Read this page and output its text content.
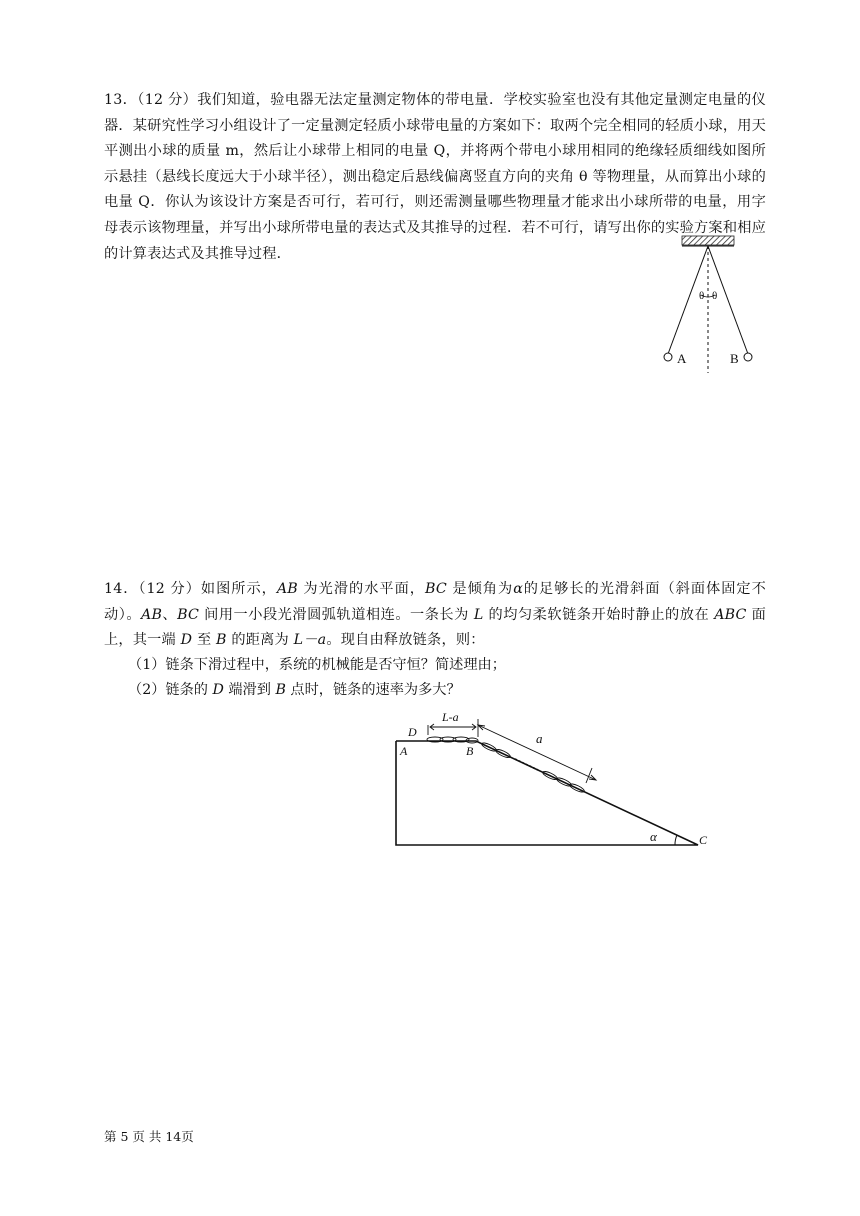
13．（12 分）我们知道，验电器无法定量测定物体的带电量．学校实验室也没有其他定量测定电量的仪器．某研究性学习小组设计了一定量测定轻质小球带电量的方案如下：取两个完全相同的轻质小球，用天平测出小球的质量 m，然后让小球带上相同的电量 Q，并将两个带电小球用相同的绝缘轻质细线如图所示悬挂（悬线长度远大于小球半径），测出稳定后悬线偏离竖直方向的夹角 θ 等物理量，从而算出小球的电量 Q．你认为该设计方案是否可行，若可行，则还需测量哪些物理量才能求出小球所带的电量，用字母表示该物理量，并写出小球所带电量的表达式及其推导的过程．若不可行，请写出你的实验方案和相应的计算表达式及其推导过程．
θ θ
A	B
14．（12 分）如图所示，AB 为光滑的水平面，BC 是倾角为α的足够长的光滑斜面（斜面体固定不动）。AB、BC 间用一小段光滑圆弧轨道相连。一条长为 L 的均匀柔软链条开始时静止的放在 ABC 面上，其一端 D 至 B 的距离为 L－a。现自由释放链条，则：
（1）链条下滑过程中，系统的机械能是否守恒？简述理由；
（2）链条的 D 端滑到 B 点时，链条的速率为多大？
L-a
a
D
A	B
α	C
第 5 页 共 14页
